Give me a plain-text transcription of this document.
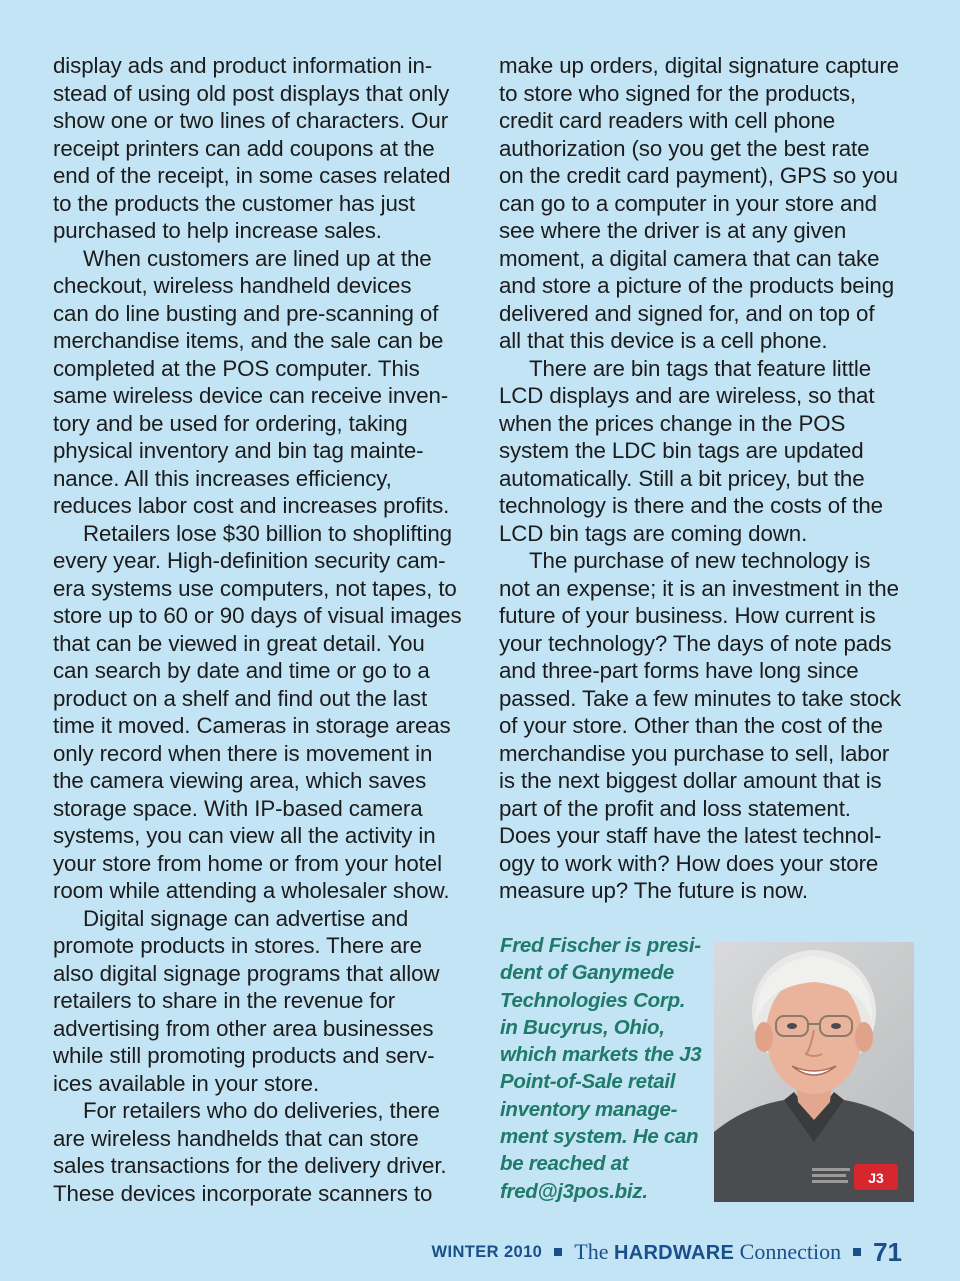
display ads and product information in-
stead of using old post displays that only
show one or two lines of characters. Our
receipt printers can add coupons at the
end of the receipt, in some cases related
to the products the customer has just
purchased to help increase sales.
When customers are lined up at the
checkout, wireless handheld devices
can do line busting and pre-scanning of
merchandise items, and the sale can be
completed at the POS computer. This
same wireless device can receive inven-
tory and be used for ordering, taking
physical inventory and bin tag mainte-
nance. All this increases efficiency,
reduces labor cost and increases profits.
Retailers lose $30 billion to shoplifting
every year. High-definition security cam-
era systems use computers, not tapes, to
store up to 60 or 90 days of visual images
that can be viewed in great detail. You
can search by date and time or go to a
product on a shelf and find out the last
time it moved. Cameras in storage areas
only record when there is movement in
the camera viewing area, which saves
storage space. With IP-based camera
systems, you can view all the activity in
your store from home or from your hotel
room while attending a wholesaler show.
Digital signage can advertise and
promote products in stores. There are
also digital signage programs that allow
retailers to share in the revenue for
advertising from other area businesses
while still promoting products and serv-
ices available in your store.
For retailers who do deliveries, there
are wireless handhelds that can store
sales transactions for the delivery driver.
These devices incorporate scanners to
make up orders, digital signature capture
to store who signed for the products,
credit card readers with cell phone
authorization (so you get the best rate
on the credit card payment), GPS so you
can go to a computer in your store and
see where the driver is at any given
moment, a digital camera that can take
and store a picture of the products being
delivered and signed for, and on top of
all that this device is a cell phone.
There are bin tags that feature little
LCD displays and are wireless, so that
when the prices change in the POS
system the LDC bin tags are updated
automatically. Still a bit pricey, but the
technology is there and the costs of the
LCD bin tags are coming down.
The purchase of new technology is
not an expense; it is an investment in the
future of your business. How current is
your technology? The days of note pads
and three-part forms have long since
passed. Take a few minutes to take stock
of your store. Other than the cost of the
merchandise you purchase to sell, labor
is the next biggest dollar amount that is
part of the profit and loss statement.
Does your staff have the latest technol-
ogy to work with? How does your store
measure up? The future is now.
Fred Fischer is presi-
dent of Ganymede
Technologies Corp.
in Bucyrus, Ohio,
which markets the J3
Point-of-Sale retail
inventory manage-
ment system. He can
be reached at
fred@j3pos.biz.
J3
WINTER 2010 The HARDWARE Connection 71
